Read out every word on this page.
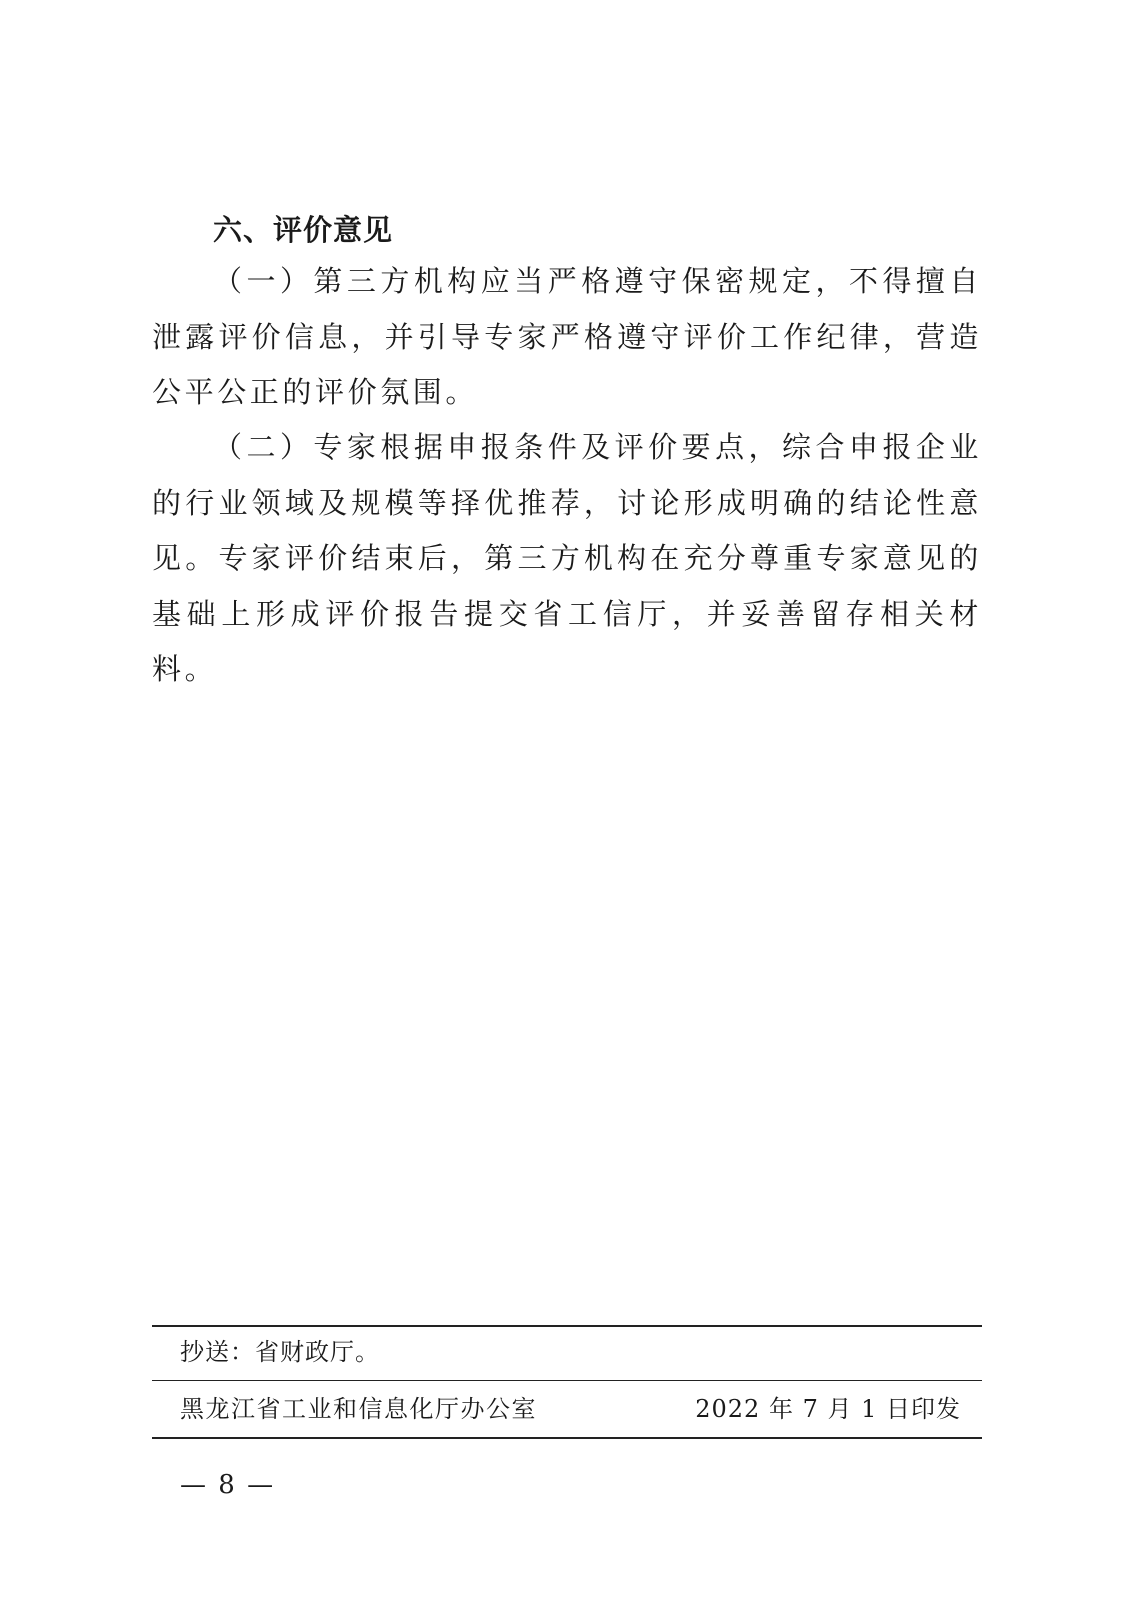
六、评价意见

（一）第三方机构应当严格遵守保密规定，不得擅自泄露评价信息，并引导专家严格遵守评价工作纪律，营造公平公正的评价氛围。

（二）专家根据申报条件及评价要点，综合申报企业的行业领域及规模等择优推荐，讨论形成明确的结论性意见。专家评价结束后，第三方机构在充分尊重专家意见的基础上形成评价报告提交省工信厅，并妥善留存相关材料。

抄送：省财政厅。

黑龙江省工业和信息化厅办公室	2022 年 7 月 1 日印发

— 8 —
